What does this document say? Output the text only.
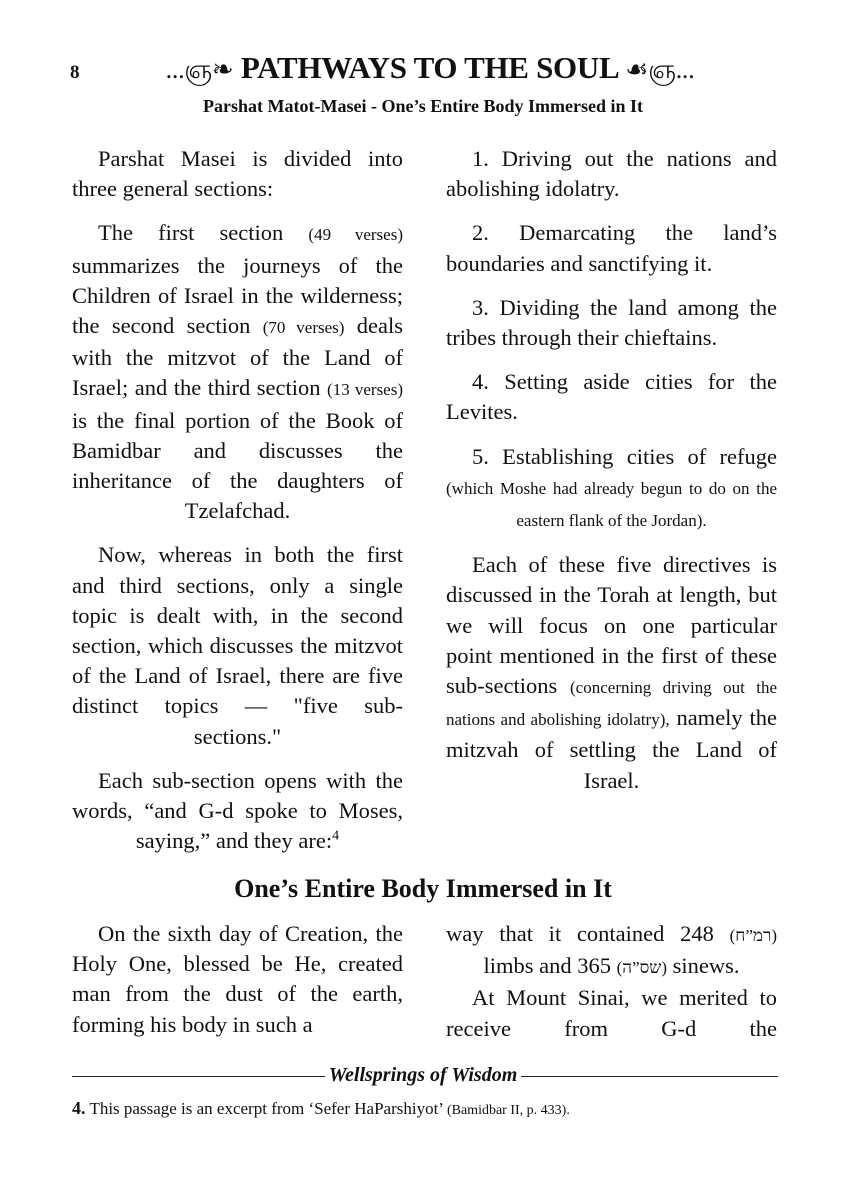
8	...ஞ❧ PATHWAYS TO THE SOUL ☙ஞ...
Parshat Matot-Masei - One’s Entire Body Immersed in It

Parshat Masei is divided into three general sections:

The first section (49 verses) summarizes the journeys of the Children of Israel in the wilderness; the second section (70 verses) deals with the mitzvot of the Land of Israel; and the third section (13 verses) is the final portion of the Book of Bamidbar and discusses the inheritance of the daughters of Tzelafchad.

Now, whereas in both the first and third sections, only a single topic is dealt with, in the second section, which discusses the mitzvot of the Land of Israel, there are five distinct topics — "five sub-sections."

Each sub-section opens with the words, “and G-d spoke to Moses, saying,” and they are:$^4$

1. Driving out the nations and abolishing idolatry.

2. Demarcating the land’s boundaries and sanctifying it.

3. Dividing the land among the tribes through their chieftains.

4. Setting aside cities for the Levites.

5. Establishing cities of refuge (which Moshe had already begun to do on the eastern flank of the Jordan).

Each of these five directives is discussed in the Torah at length, but we will focus on one particular point mentioned in the first of these sub-sections (concerning driving out the nations and abolishing idolatry), namely the mitzvah of settling the Land of Israel.

One’s Entire Body Immersed in It

On the sixth day of Creation, the Holy One, blessed be He, created man from the dust of the earth, forming his body in such a

way that it contained 248 (רמ”ח) limbs and 365 (שס”ה) sinews.

At Mount Sinai, we merited to receive from G-d the

Wellsprings of Wisdom
4. This passage is an excerpt from ‘Sefer HaParshiyot’ (Bamidbar II, p. 433).
